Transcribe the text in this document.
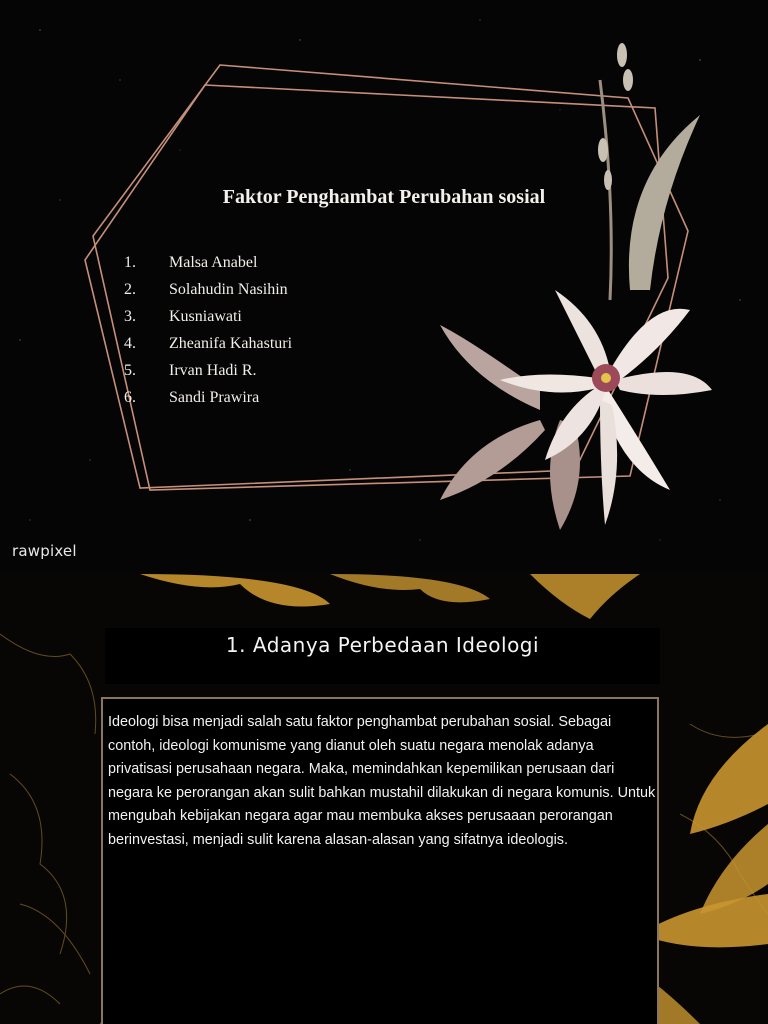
Faktor Penghambat Perubahan sosial
1.	Malsa Anabel
2.	Solahudin Nasihin
3.	Kusniawati
4.	Zheanifa Kahasturi
5.	Irvan Hadi R.
6.	Sandi Prawira
rawpixel
1. Adanya Perbedaan Ideologi

Ideologi bisa menjadi salah satu faktor penghambat perubahan sosial. Sebagai contoh, ideologi komunisme yang dianut oleh suatu negara menolak adanya privatisasi perusahaan negara. Maka, memindahkan kepemilikan perusaan dari negara ke perorangan akan sulit bahkan mustahil dilakukan di negara komunis. Untuk mengubah kebijakan negara agar mau membuka akses perusaaan perorangan berinvestasi, menjadi sulit karena alasan-alasan yang sifatnya ideologis.
